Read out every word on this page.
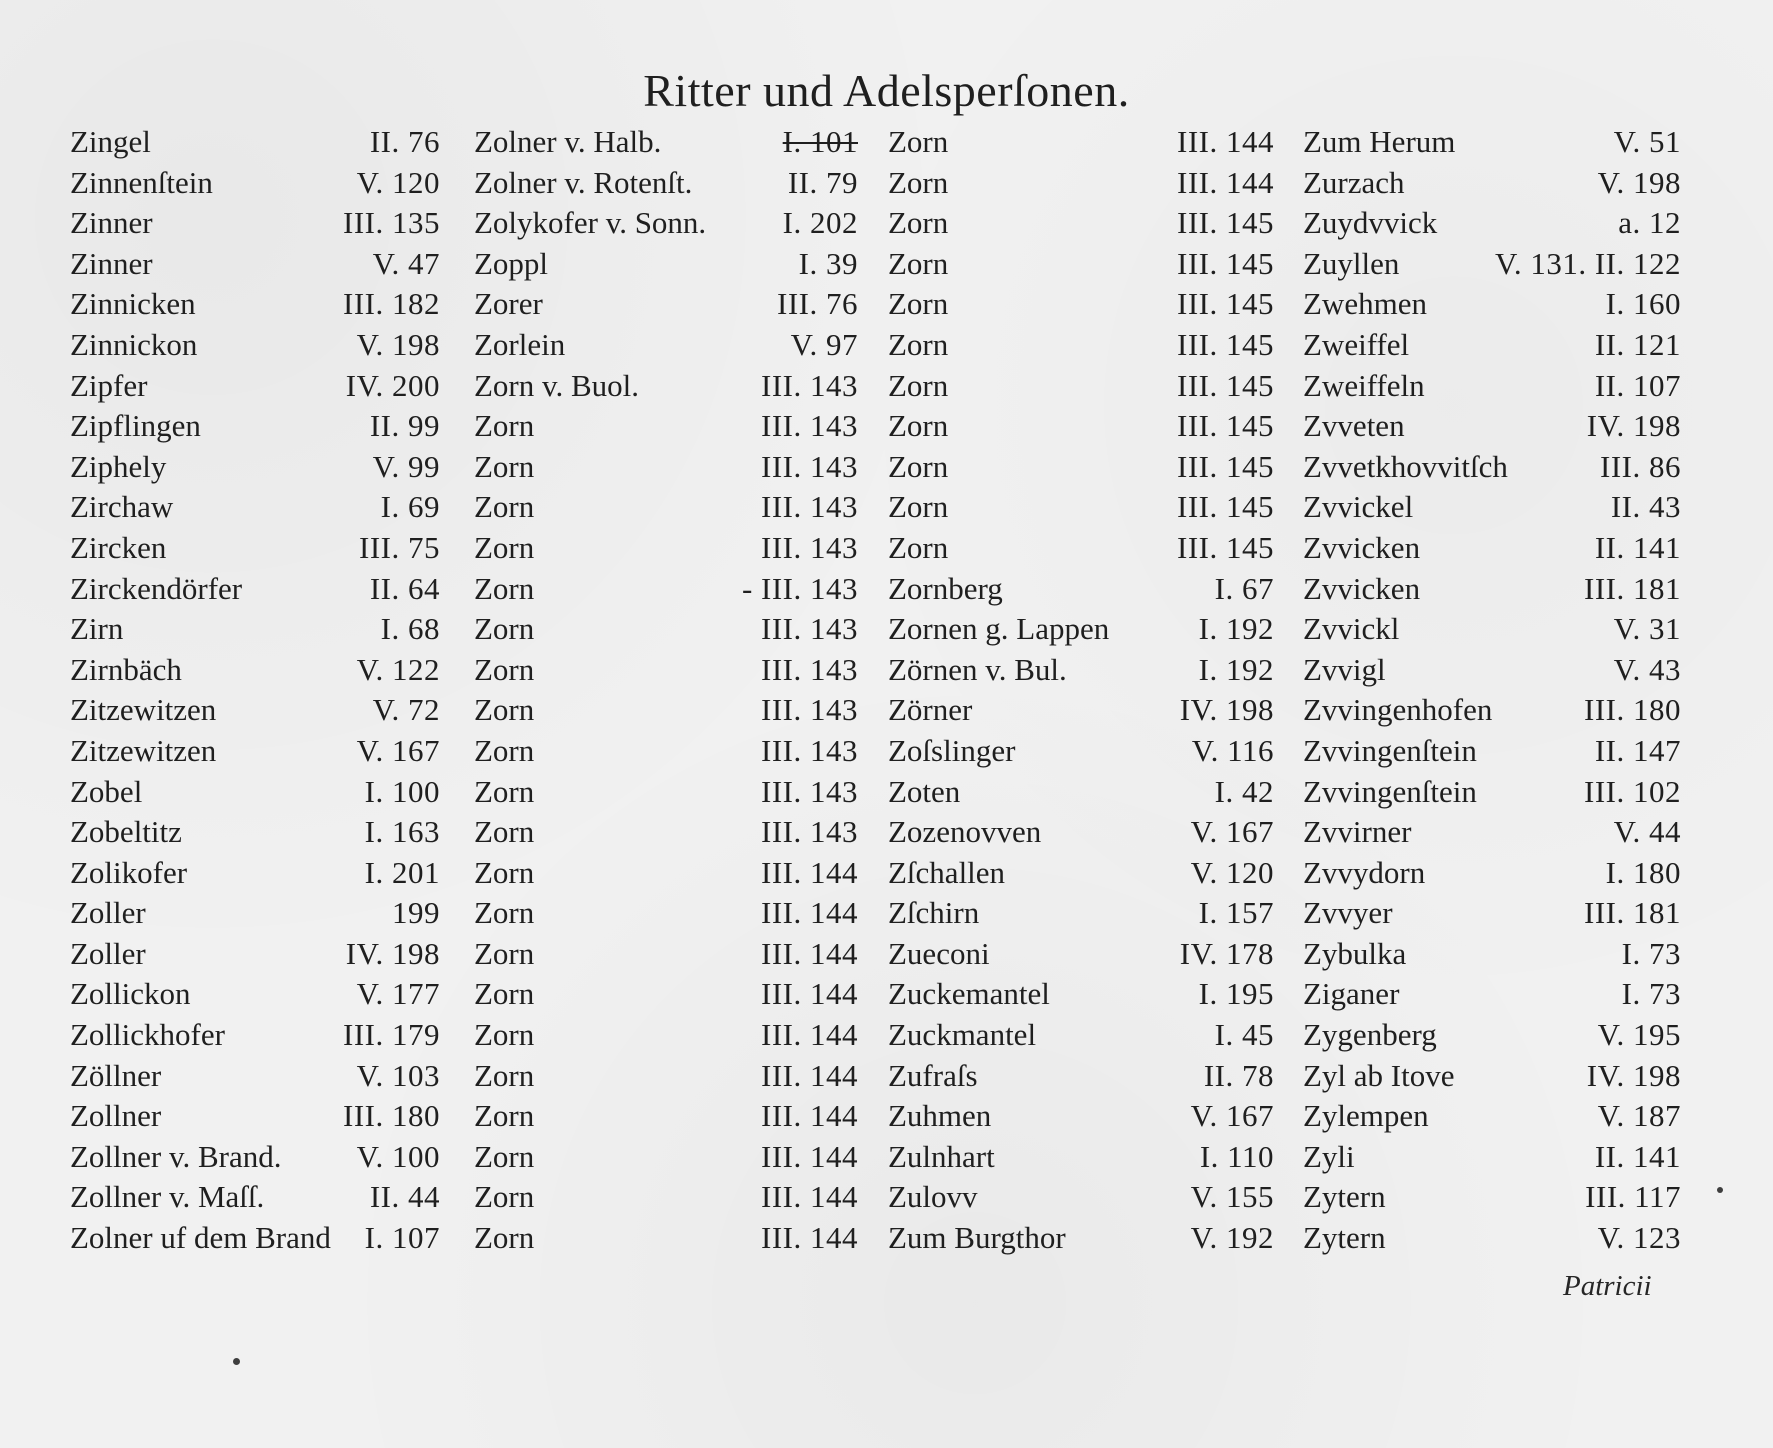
Ritter und Adelsperſonen.
Zingel	II. 76
Zinnenſtein	V. 120
Zinner	III. 135
Zinner	V. 47
Zinnicken	III. 182
Zinnickon	V. 198
Zipfer	IV. 200
Zipflingen	II. 99
Ziphely	V. 99
Zirchaw	I. 69
Zircken	III. 75
Zirckendörfer	II. 64
Zirn	I. 68
Zirnbäch	V. 122
Zitzewitzen	V. 72
Zitzewitzen	V. 167
Zobel	I. 100
Zobeltitz	I. 163
Zolikofer	I. 201
Zoller	199
Zoller	IV. 198
Zollickon	V. 177
Zollickhofer	III. 179
Zöllner	V. 103
Zollner	III. 180
Zollner v. Brand. V. 100
Zollner v. Maſſ.	II. 44
Zolner uf dem Brand I. 107
Zolner v. Halb.	I. 101
Zolner v. Rotenſt.	II. 79
Zolykofer v. Sonn. I. 202
Zoppl	I. 39
Zorer	III. 76
Zorlein	V. 97
Zorn v. Buol.	III. 143
Zorn	III. 143
Zorn	III. 143
Zorn	III. 143
Zorn	III. 143
Zorn	- III. 143
Zorn	III. 143
Zorn	III. 143
Zorn	III. 143
Zorn	III. 143
Zorn	III. 143
Zorn	III. 143
Zorn	III. 144
Zorn	III. 144
Zorn	III. 144
Zorn	III. 144
Zorn	III. 144
Zorn	III. 144
Zorn	III. 144
Zorn	III. 144
Zorn	III. 144
Zorn	III. 144
Zorn	III. 144
Zorn	III. 144
Zorn	III. 145
Zorn	III. 145
Zorn	III. 145
Zorn	III. 145
Zorn	III. 145
Zorn	III. 145
Zorn	III. 145
Zorn	III. 145
Zorn	III. 145
Zornberg	I. 67
Zornen g. Lappen	I. 192
Zörnen v. Bul.	I. 192
Zörner	IV. 198
Zoſslinger	V. 116
Zoten	I. 42
Zozenovven	V. 167
Zſchallen	V. 120
Zſchirn	I. 157
Zueconi	IV. 178
Zuckemantel	I. 195
Zuckmantel	I. 45
Zufraſs	II. 78
Zuhmen	V. 167
Zulnhart	I. 110
Zulovv	V. 155
Zum Burgthor	V. 192
Zum Herum	V. 51
Zurzach	V. 198
Zuydvvick	a. 12
Zuyllen	V. 131. II. 122
Zwehmen	I. 160
Zweiffel	II. 121
Zweiffeln	II. 107
Zvveten	IV. 198
Zvvetkhovvitſch	III. 86
Zvvickel	II. 43
Zvvicken	II. 141
Zvvicken	III. 181
Zvvickl	V. 31
Zvvigl	V. 43
Zvvingenhofen	III. 180
Zvvingenſtein	II. 147
Zvvingenſtein	III. 102
Zvvirner	V. 44
Zvvydorn	I. 180
Zvvyer	III. 181
Zybulka	I. 73
Ziganer	I. 73
Zygenberg	V. 195
Zyl ab Itove	IV. 198
Zylempen	V. 187
Zyli	II. 141
Zytern	III. 117
Zytern	V. 123
Patricii
